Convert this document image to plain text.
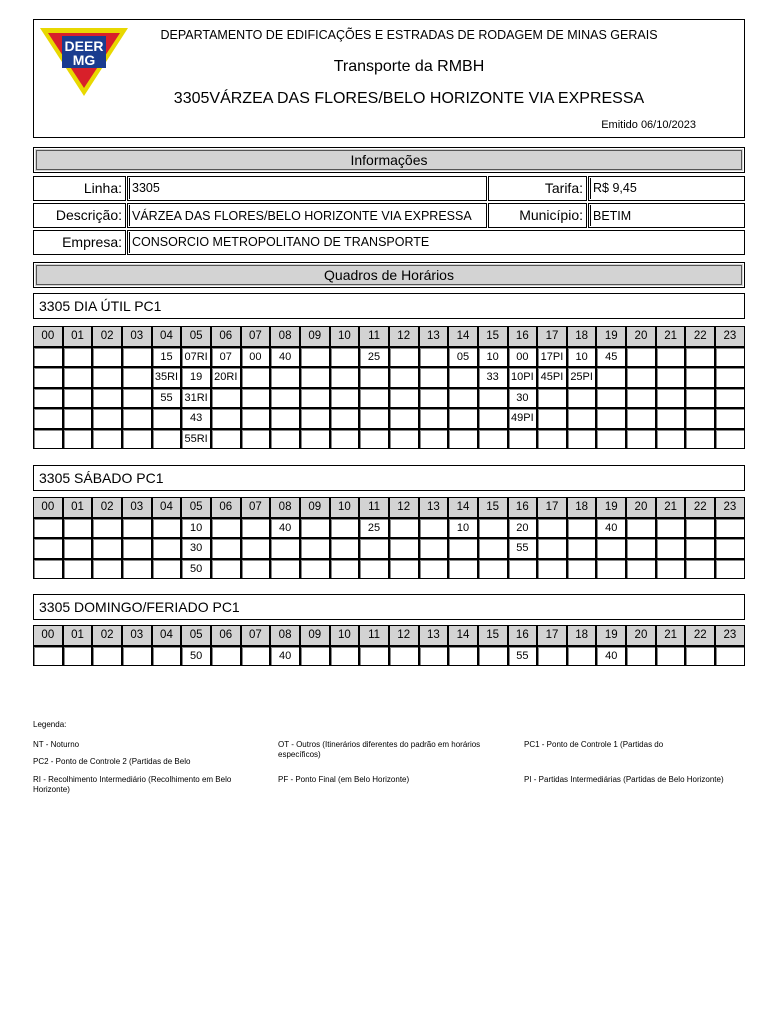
DEER
MG
DEPARTAMENTO DE EDIFICAÇÕES E ESTRADAS DE RODAGEM DE MINAS GERAIS
Transporte da RMBH
3305VÁRZEA DAS FLORES/BELO HORIZONTE VIA EXPRESSA
Emitido 06/10/2023
Informações
Linha: 3305	Tarifa: R$ 9,45
Descrição: VÁRZEA DAS FLORES/BELO HORIZONTE VIA EXPRESSA	Município: BETIM
Empresa: CONSORCIO METROPOLITANO DE TRANSPORTE
Quadros de Horários
3305 DIA ÚTIL PC1
00	01	02	03	04	05	06	07	08	09	10	11	12	13	14	15	16	17	18	19	20	21	22	23
				15	07RI	07	00	40			25			05	10	00	17PI	10	45				
				35RI	19	20RI									33	10PI	45PI	25PI					
				55	31RI											30							
					43											49PI							
					55RI																		
3305 SÁBADO PC1
00	01	02	03	04	05	06	07	08	09	10	11	12	13	14	15	16	17	18	19	20	21	22	23
					10			40			25			10		20			40				
					30											55							
					50																		
3305 DOMINGO/FERIADO PC1
00	01	02	03	04	05	06	07	08	09	10	11	12	13	14	15	16	17	18	19	20	21	22	23
					50			40								55			40				
Legenda:
NT - Noturno	OT - Outros (Itinerários diferentes do padrão em horários específicos)
PC1 - Ponto de Controle 1 (Partidas do
PC2 - Ponto de Controle 2 (Partidas de Belo
RI - Recolhimento Intermediário (Recolhimento em Belo Horizonte)
PF - Ponto Final (em Belo Horizonte)	PI - Partidas Intermediárias (Partidas de Belo Horizonte)
